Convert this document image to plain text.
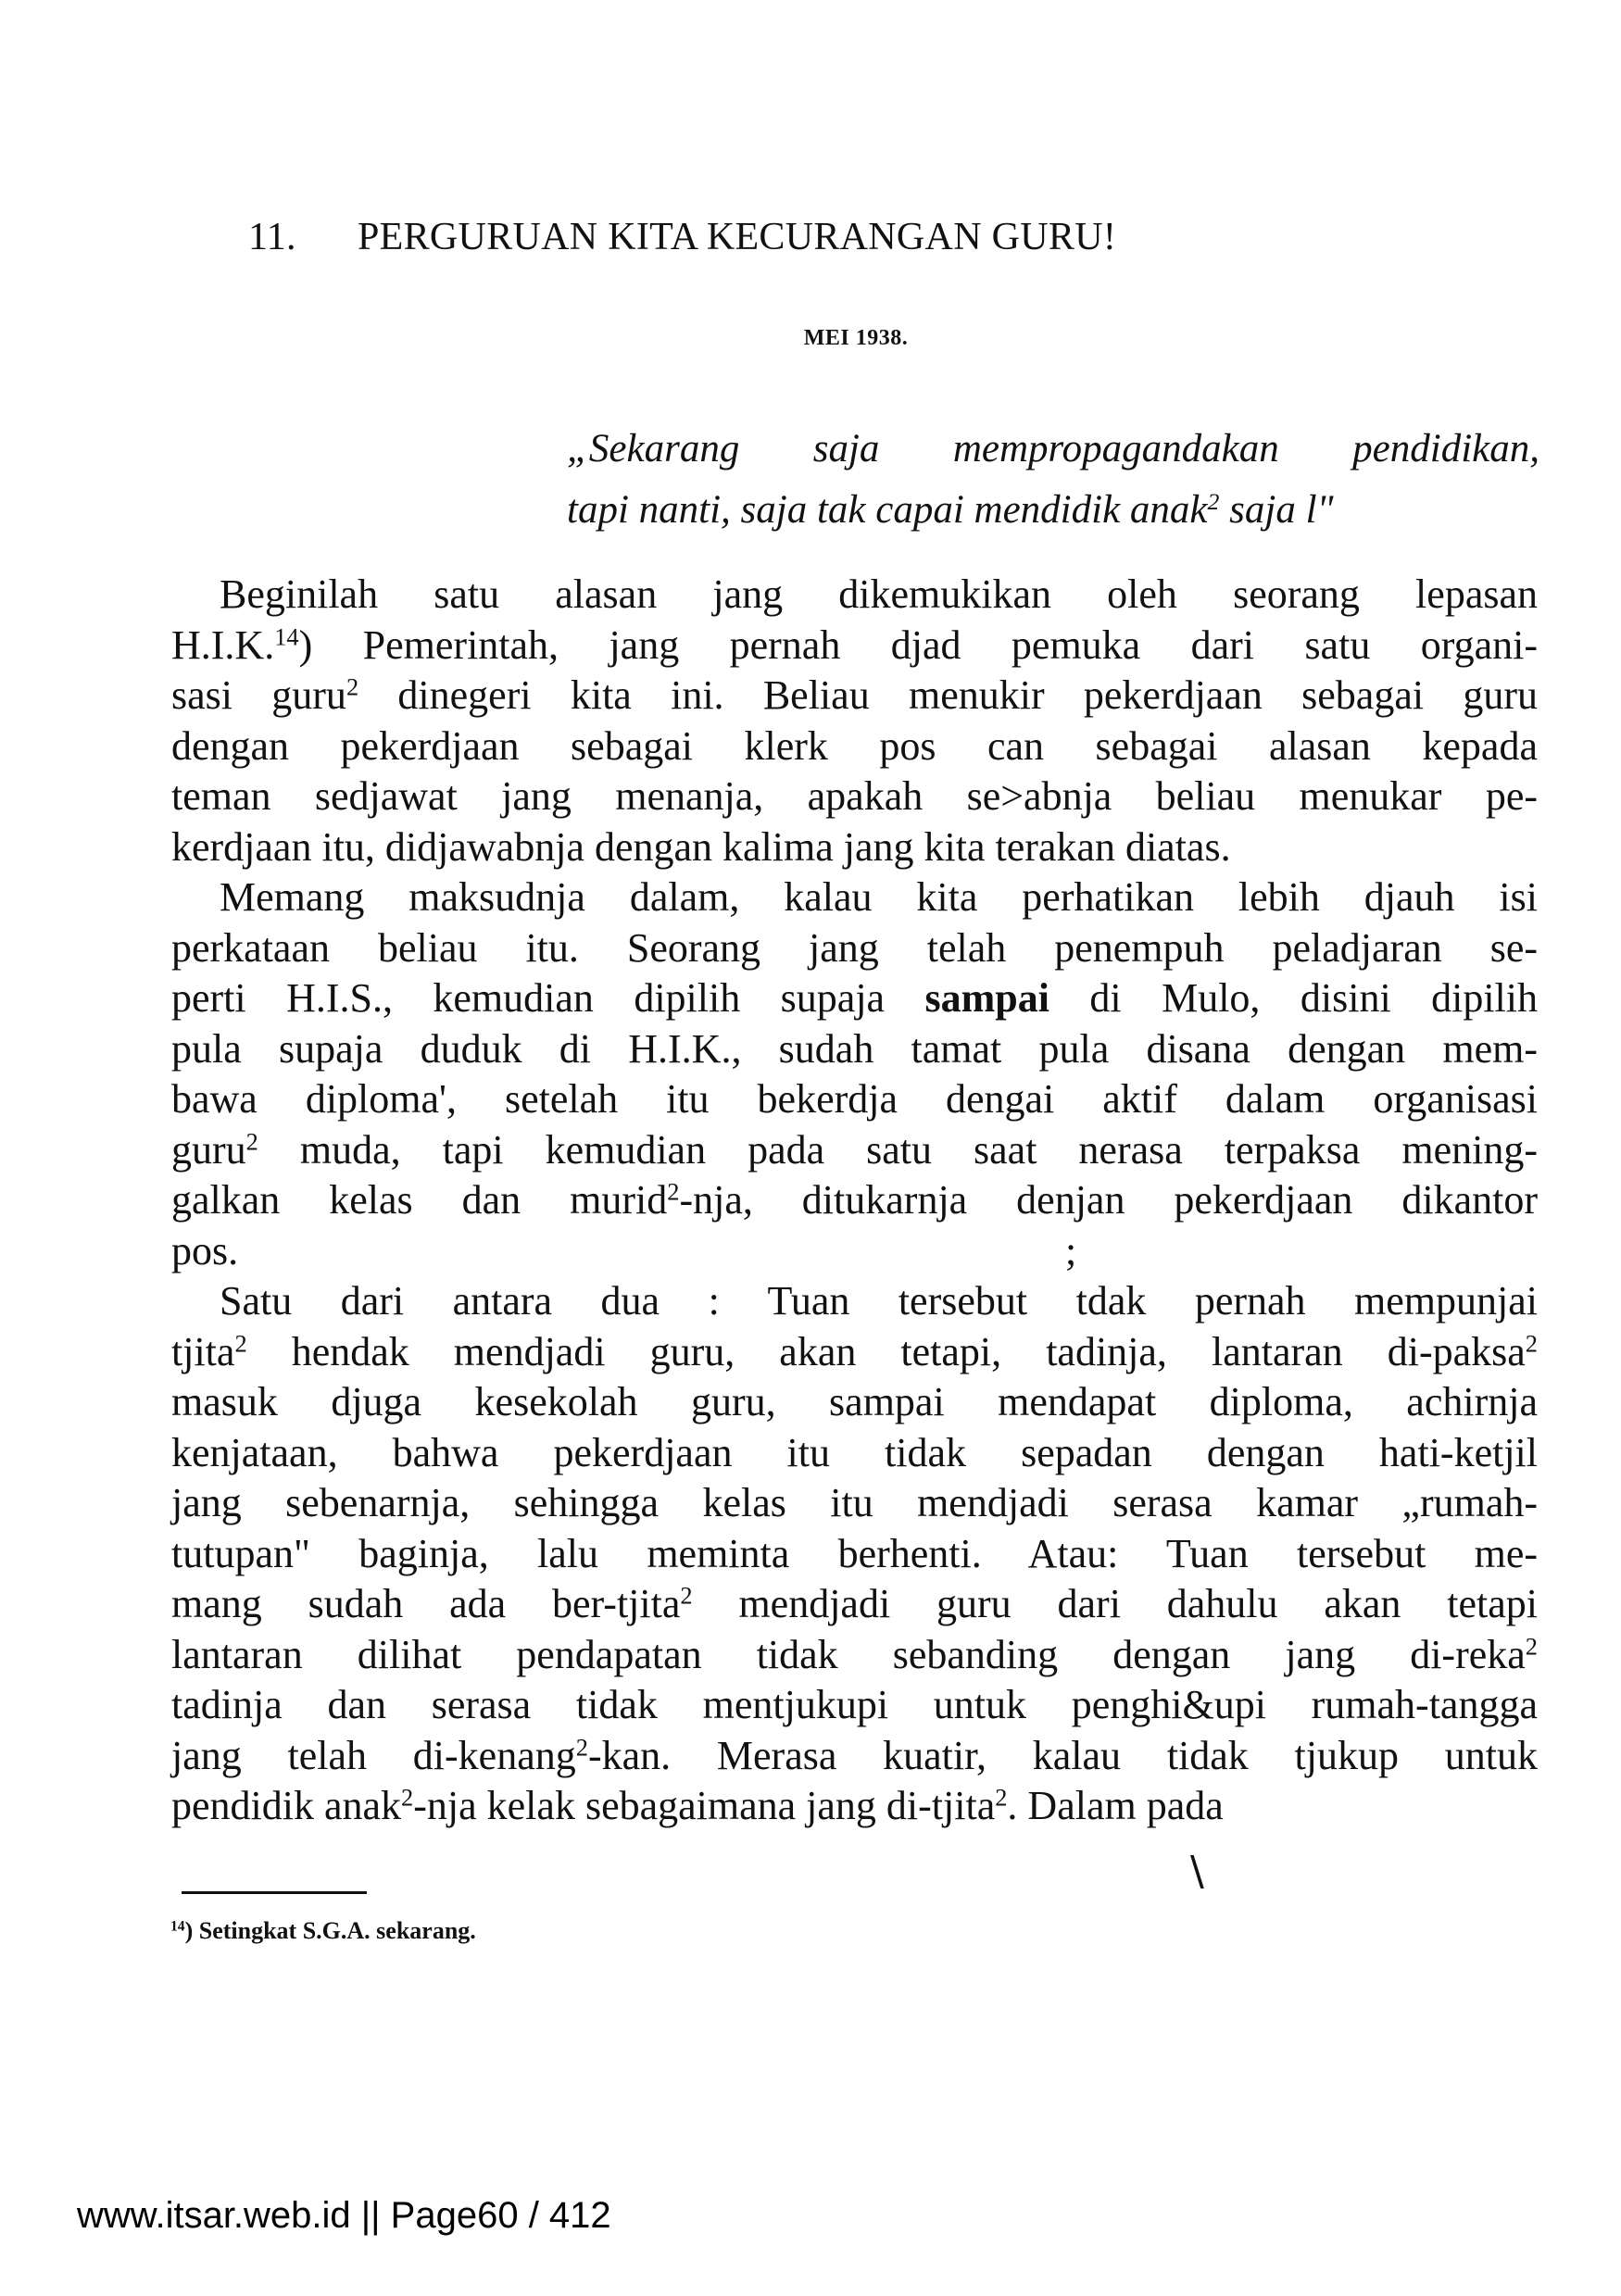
11. PERGURUAN KITA KECURANGAN GURU!
MEI 1938.
„Sekarang saja mempropagandakan pendidikan,
tapi nanti, saja tak capai mendidik anak$^2$ saja l"
Beginilah satu alasan jang dikemukikan oleh seorang lepasan
H.I.K.$^{14}$) Pemerintah, jang pernah djad pemuka dari satu organi-
sasi guru$^2$ dinegeri kita ini. Beliau menukir pekerdjaan sebagai guru
dengan pekerdjaan sebagai klerk pos can sebagai alasan kepada
teman sedjawat jang menanja, apakah se>abnja beliau menukar pe-
kerdjaan itu, didjawabnja dengan kalima jang kita terakan diatas.
Memang maksudnja dalam, kalau kita perhatikan lebih djauh isi
perkataan beliau itu. Seorang jang telah penempuh peladjaran se-
perti H.I.S., kemudian dipilih supaja sampai di Mulo, disini dipilih
pula supaja duduk di H.I.K., sudah tamat pula disana dengan mem-
bawa diploma', setelah itu bekerdja dengai aktif dalam organisasi
guru$^2$ muda, tapi kemudian pada satu saat nerasa terpaksa mening-
galkan kelas dan murid$^2$-nja, ditukarnja denjan pekerdjaan dikantor
pos.	;
Satu dari antara dua : Tuan tersebut tdak pernah mempunjai
tjita$^2$ hendak mendjadi guru, akan tetapi, tadinja, lantaran di-paksa$^2$
masuk djuga kesekolah guru, sampai mendapat diploma, achirnja
kenjataan, bahwa pekerdjaan itu tidak sepadan dengan hati-ketjil
jang sebenarnja, sehingga kelas itu mendjadi serasa kamar „rumah-
tutupan" baginja, lalu meminta berhenti. Atau: Tuan tersebut me-
mang sudah ada ber-tjita$^2$ mendjadi guru dari dahulu akan tetapi
lantaran dilihat pendapatan tidak sebanding dengan jang di-reka$^2$
tadinja dan serasa tidak mentjukupi untuk penghi&upi rumah-tangga
jang telah di-kenang$^2$-kan. Merasa kuatir, kalau tidak tjukup untuk
pendidik anak$^2$-nja kelak sebagaimana jang di-tjita$^2$. Dalam pada
\
$^{14}$) Setingkat S.G.A. sekarang.
www.itsar.web.id || Page60 / 412
